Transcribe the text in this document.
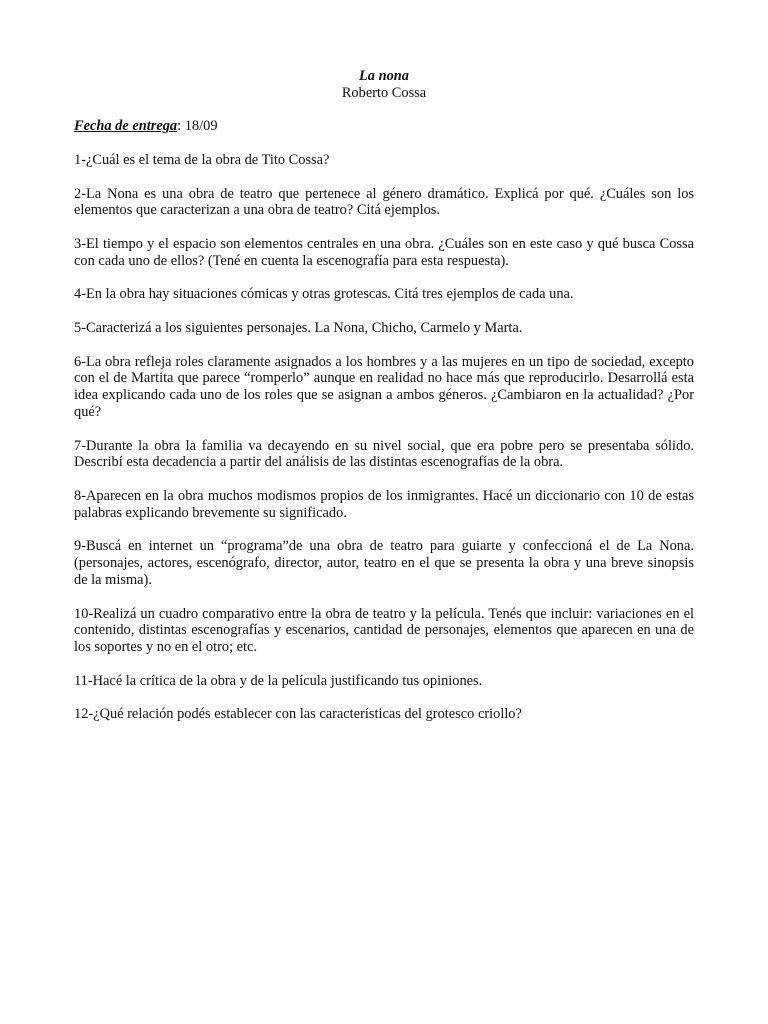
La nona

Roberto Cossa

Fecha de entrega: 18/09

1-¿Cuál es el tema de la obra de Tito Cossa?

2-La Nona es una obra de teatro que pertenece al género dramático. Explicá por qué. ¿Cuáles son los elementos que caracterizan a una obra de teatro? Citá ejemplos.

3-El tiempo y el espacio son elementos centrales en una obra. ¿Cuáles son en este caso y qué busca Cossa con cada uno de ellos? (Tené en cuenta la escenografía para esta respuesta).

4-En la obra hay situaciones cómicas y otras grotescas. Citá tres ejemplos de cada una.

5-Caracterizá a los siguientes personajes. La Nona, Chicho, Carmelo y Marta.

6-La obra refleja roles claramente asignados a los hombres y a las mujeres en un tipo de sociedad, excepto con el de Martita que parece “romperlo” aunque en realidad no hace más que reproducirlo. Desarrollá esta idea explicando cada uno de los roles que se asignan a ambos géneros. ¿Cambiaron en la actualidad? ¿Por qué?

7-Durante la obra la familia va decayendo en su nivel social, que era pobre pero se presentaba sólido. Describí esta decadencia a partir del análisis de las distintas escenografías de la obra.

8-Aparecen en la obra muchos modismos propios de los inmigrantes. Hacé un diccionario con 10 de estas palabras explicando brevemente su significado.

9-Buscá en internet un “programa”de una obra de teatro para guiarte y confeccioná el de La Nona. (personajes, actores, escenógrafo, director, autor, teatro en el que se presenta la obra y una breve sinopsis de la misma).

10-Realizá un cuadro comparativo entre la obra de teatro y la película. Tenés que incluir: variaciones en el contenido, distintas escenografías y escenarios, cantidad de personajes, elementos que aparecen en una de los soportes y no en el otro; etc.

11-Hacé la crítica de la obra y de la película justificando tus opiniones.

12-¿Qué relación podés establecer con las características del grotesco criollo?
